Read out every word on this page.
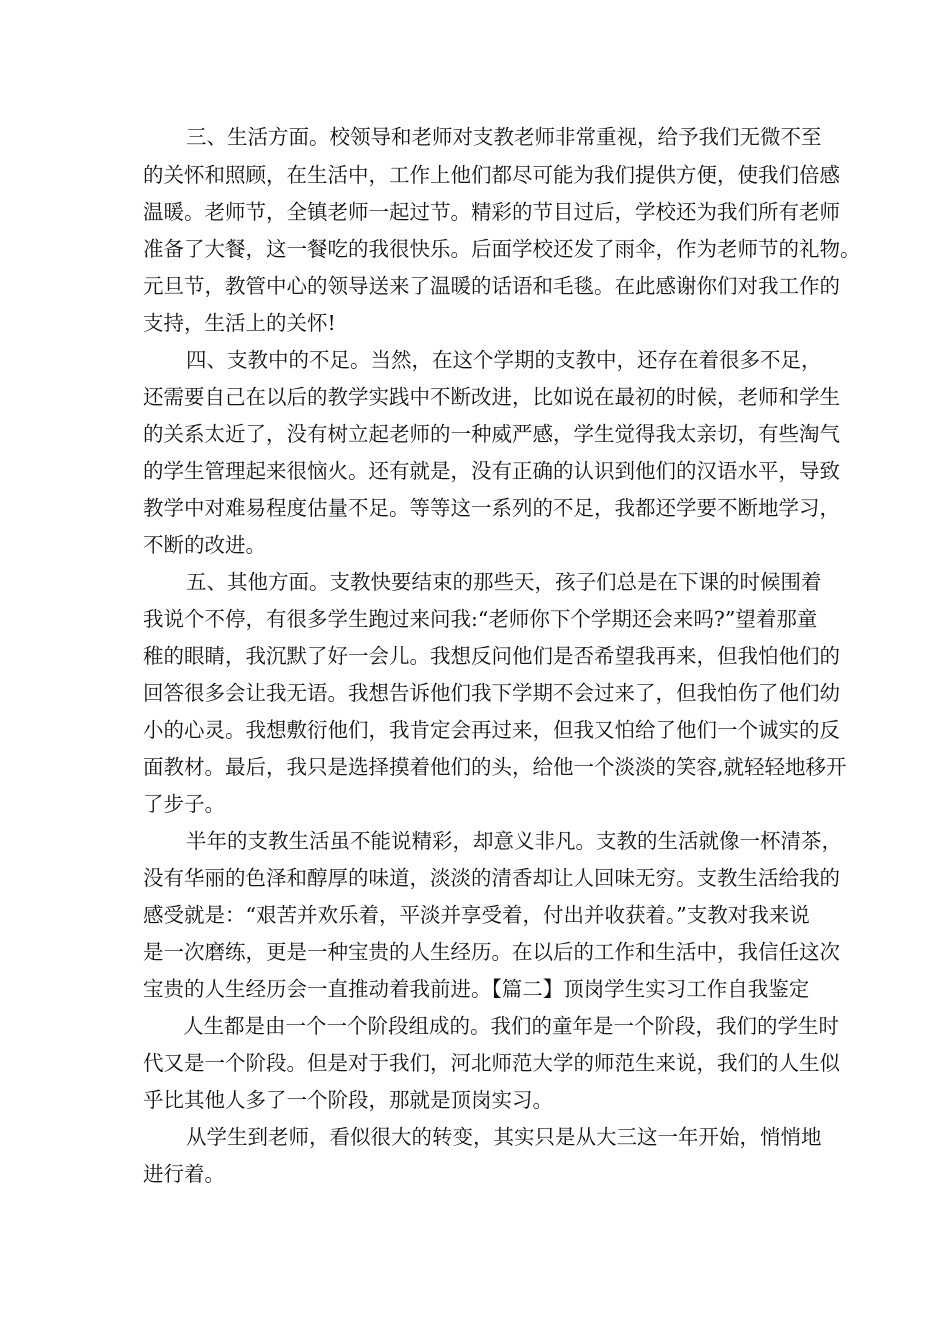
三、生活方面。校领导和老师对支教老师非常重视，给予我们无微不至
的关怀和照顾，在生活中，工作上他们都尽可能为我们提供方便，使我们倍感
温暖。老师节，全镇老师一起过节。精彩的节目过后，学校还为我们所有老师
准备了大餐，这一餐吃的我很快乐。后面学校还发了雨伞，作为老师节的礼物。
元旦节，教管中心的领导送来了温暖的话语和毛毯。在此感谢你们对我工作的
支持，生活上的关怀!
四、支教中的不足。当然，在这个学期的支教中，还存在着很多不足，
还需要自己在以后的教学实践中不断改进，比如说在最初的时候，老师和学生
的关系太近了，没有树立起老师的一种威严感，学生觉得我太亲切，有些淘气
的学生管理起来很恼火。还有就是，没有正确的认识到他们的汉语水平，导致
教学中对难易程度估量不足。等等这一系列的不足，我都还学要不断地学习，
不断的改进。
五、其他方面。支教快要结束的那些天，孩子们总是在下课的时候围着
我说个不停，有很多学生跑过来问我:“老师你下个学期还会来吗?”望着那童
稚的眼睛，我沉默了好一会儿。我想反问他们是否希望我再来，但我怕他们的
回答很多会让我无语。我想告诉他们我下学期不会过来了，但我怕伤了他们幼
小的心灵。我想敷衍他们，我肯定会再过来，但我又怕给了他们一个诚实的反
面教材。最后，我只是选择摸着他们的头，给他一个淡淡的笑容,就轻轻地移开
了步子。
半年的支教生活虽不能说精彩，却意义非凡。支教的生活就像一杯清茶，
没有华丽的色泽和醇厚的味道，淡淡的清香却让人回味无穷。支教生活给我的
感受就是：“艰苦并欢乐着，平淡并享受着，付出并收获着。”支教对我来说
是一次磨练，更是一种宝贵的人生经历。在以后的工作和生活中，我信任这次
宝贵的人生经历会一直推动着我前进。【篇二】顶岗学生实习工作自我鉴定
人生都是由一个一个阶段组成的。我们的童年是一个阶段，我们的学生时
代又是一个阶段。但是对于我们，河北师范大学的师范生来说，我们的人生似
乎比其他人多了一个阶段，那就是顶岗实习。
从学生到老师，看似很大的转变，其实只是从大三这一年开始，悄悄地
进行着。
